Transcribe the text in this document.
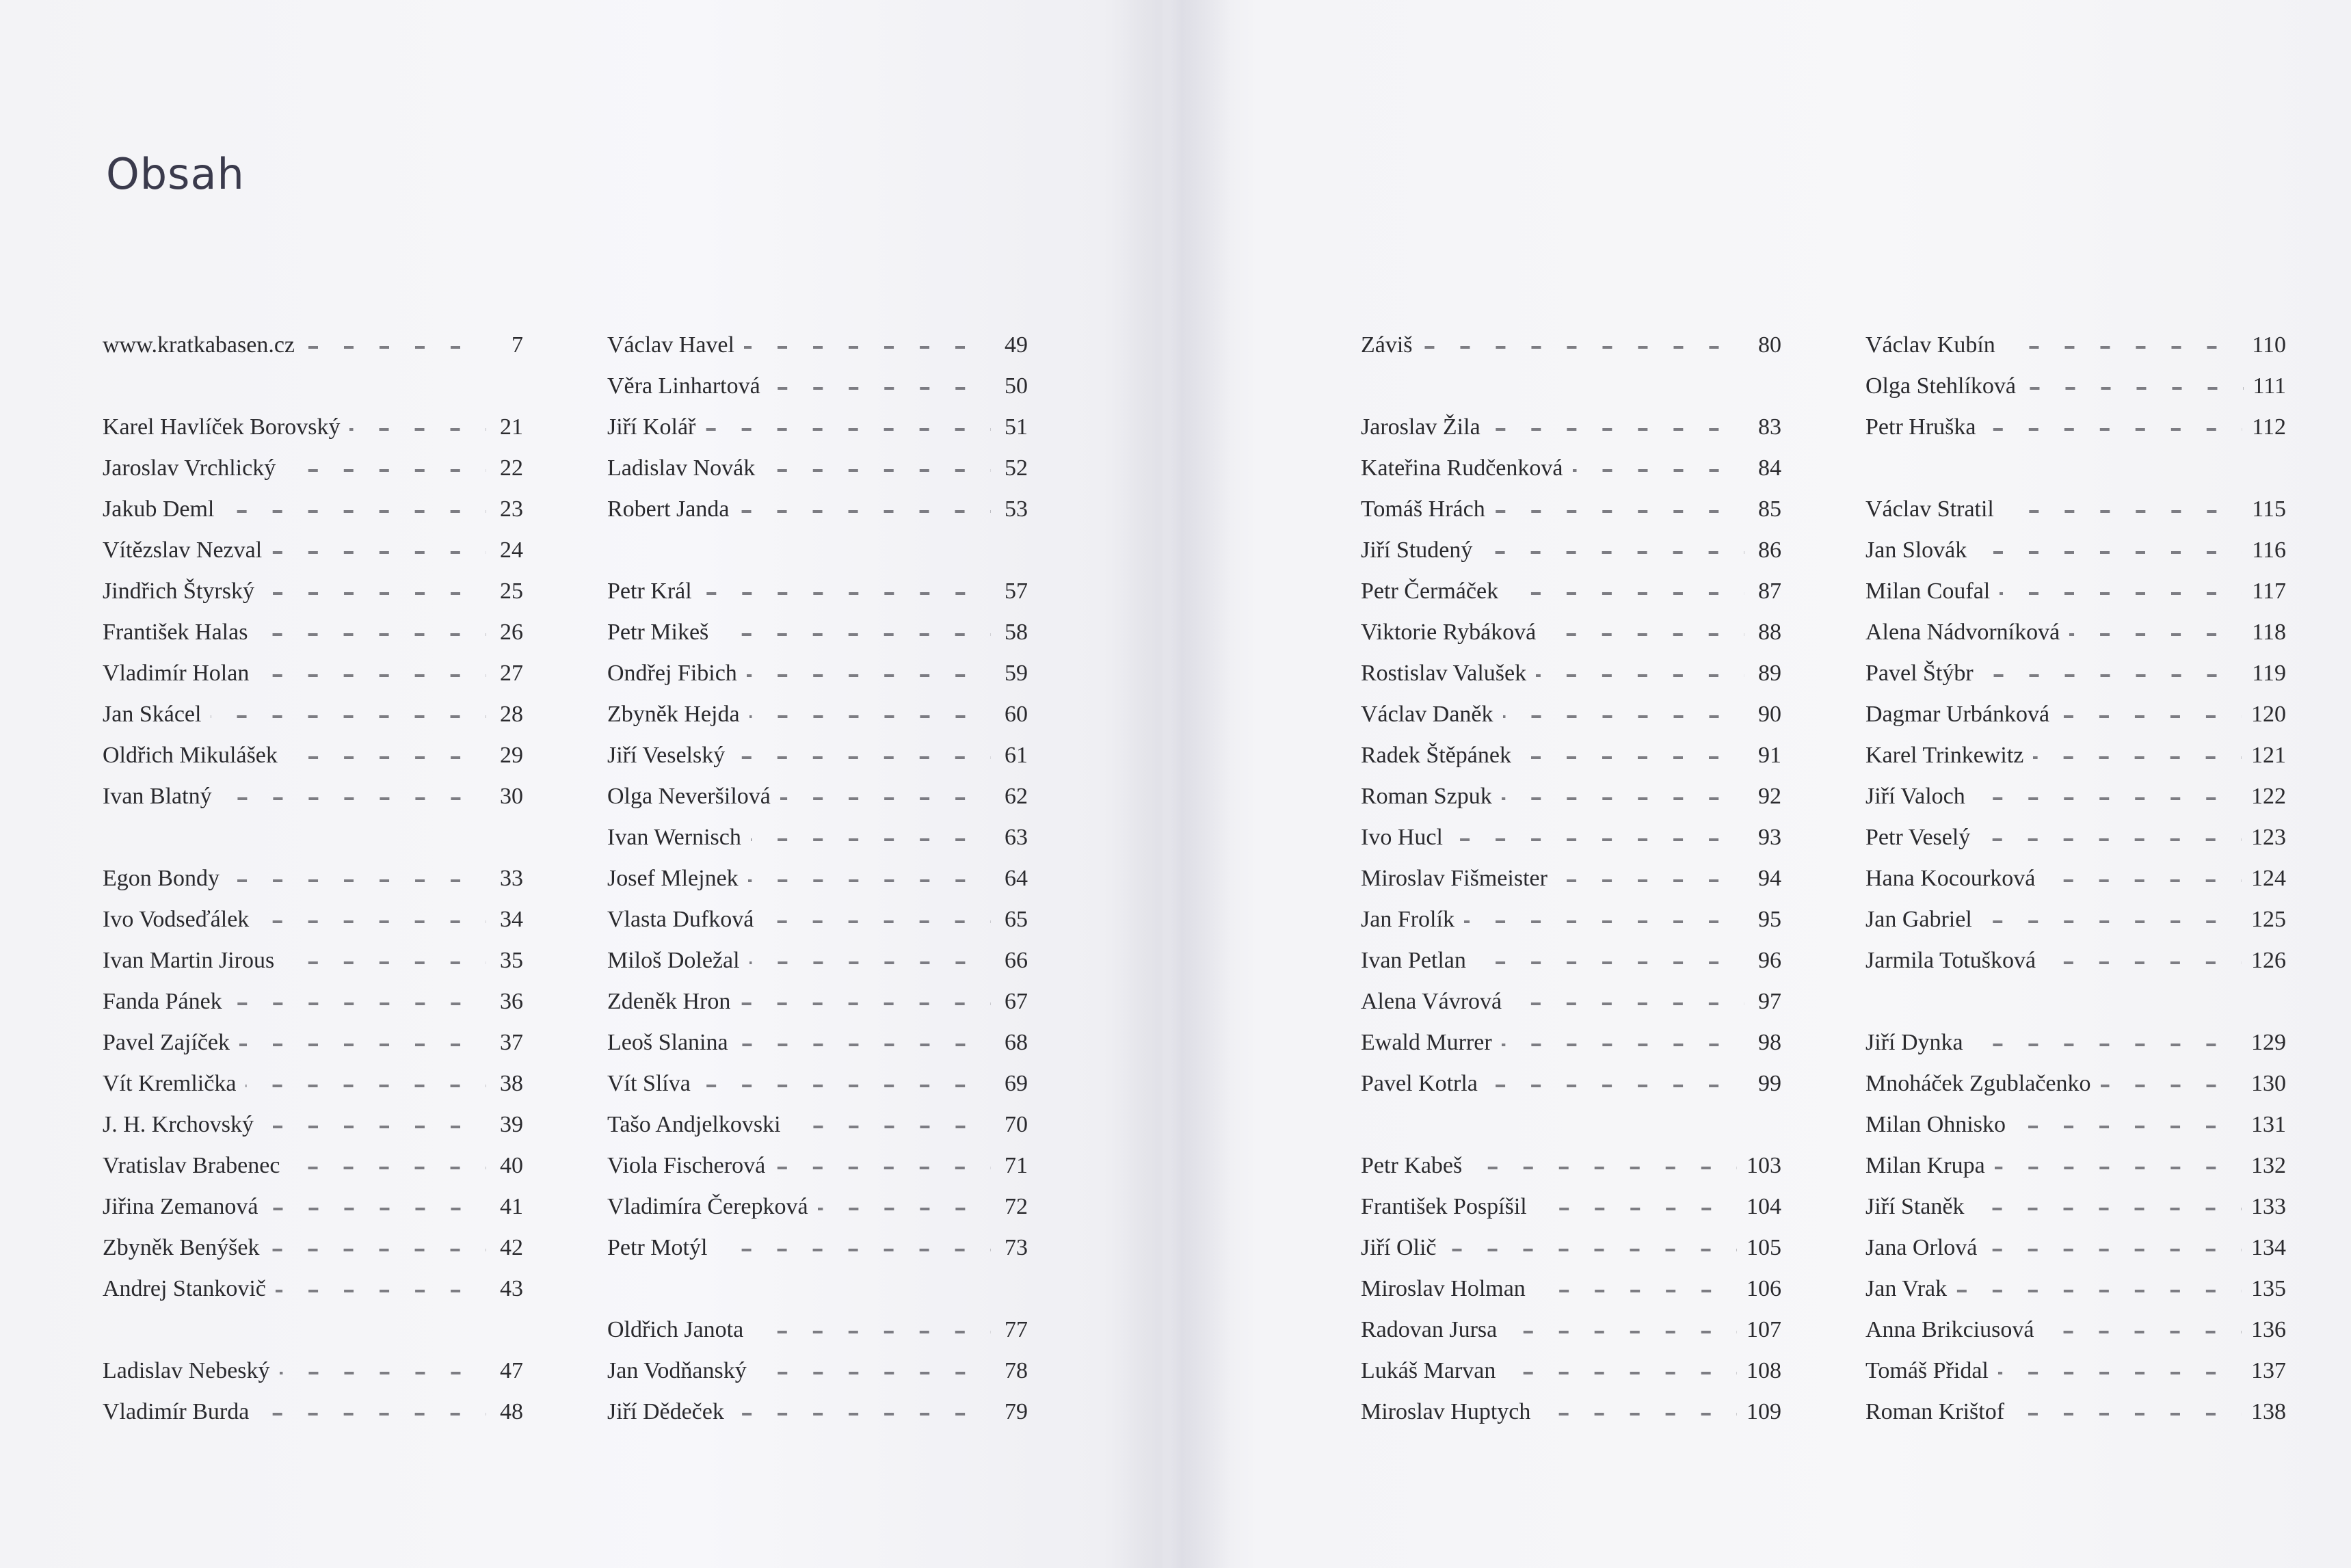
Obsah
www.kratkabasen.cz	7
Karel Havlíček Borovský	21
Jaroslav Vrchlický	22
Jakub Deml	23
Vítězslav Nezval	24
Jindřich Štyrský	25
František Halas	26
Vladimír Holan	27
Jan Skácel	28
Oldřich Mikulášek	29
Ivan Blatný	30
Egon Bondy	33
Ivo Vodseďálek	34
Ivan Martin Jirous	35
Fanda Pánek	36
Pavel Zajíček	37
Vít Kremlička	38
J. H. Krchovský	39
Vratislav Brabenec	40
Jiřina Zemanová	41
Zbyněk Benýšek	42
Andrej Stankovič	43
Ladislav Nebeský	47
Vladimír Burda	48
Václav Havel	49
Věra Linhartová	50
Jiří Kolář	51
Ladislav Novák	52
Robert Janda	53
Petr Král	57
Petr Mikeš	58
Ondřej Fibich	59
Zbyněk Hejda	60
Jiří Veselský	61
Olga Neveršilová	62
Ivan Wernisch	63
Josef Mlejnek	64
Vlasta Dufková	65
Miloš Doležal	66
Zdeněk Hron	67
Leoš Slanina	68
Vít Slíva	69
Tašo Andjelkovski	70
Viola Fischerová	71
Vladimíra Čerepková	72
Petr Motýl	73
Oldřich Janota	77
Jan Vodňanský	78
Jiří Dědeček	79
Záviš	80
Jaroslav Žila	83
Kateřina Rudčenková	84
Tomáš Hrách	85
Jiří Studený	86
Petr Čermáček	87
Viktorie Rybáková	88
Rostislav Valušek	89
Václav Daněk	90
Radek Štěpánek	91
Roman Szpuk	92
Ivo Hucl	93
Miroslav Fišmeister	94
Jan Frolík	95
Ivan Petlan	96
Alena Vávrová	97
Ewald Murrer	98
Pavel Kotrla	99
Petr Kabeš	103
František Pospíšil	104
Jiří Olič	105
Miroslav Holman	106
Radovan Jursa	107
Lukáš Marvan	108
Miroslav Huptych	109
Václav Kubín	110
Olga Stehlíková	111
Petr Hruška	112
Václav Stratil	115
Jan Slovák	116
Milan Coufal	117
Alena Nádvorníková	118
Pavel Štýbr	119
Dagmar Urbánková	120
Karel Trinkewitz	121
Jiří Valoch	122
Petr Veselý	123
Hana Kocourková	124
Jan Gabriel	125
Jarmila Totušková	126
Jiří Dynka	129
Mnoháček Zgublačenko	130
Milan Ohnisko	131
Milan Krupa	132
Jiří Staněk	133
Jana Orlová	134
Jan Vrak	135
Anna Brikciusová	136
Tomáš Přidal	137
Roman Krištof	138
